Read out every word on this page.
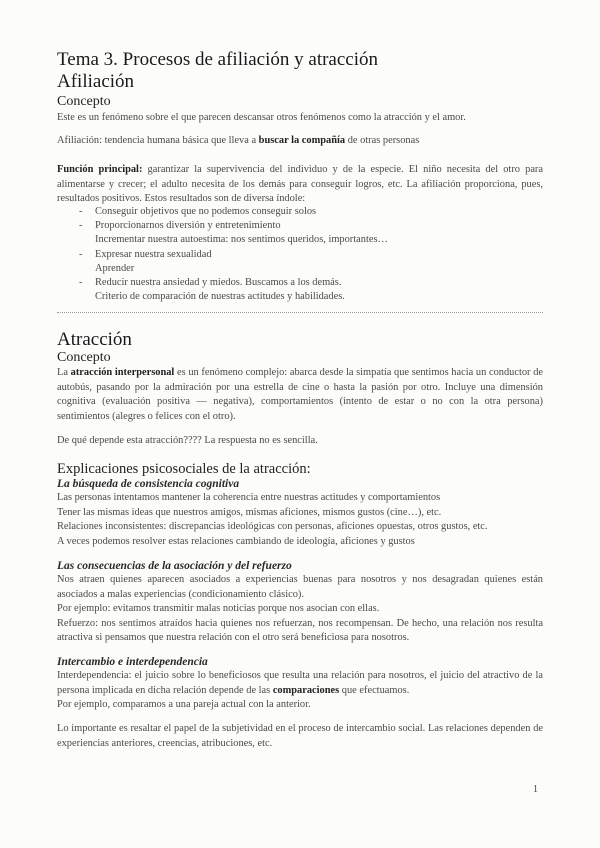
Tema 3. Procesos de afiliación y atracción
Afiliación
Concepto

Este es un fenómeno sobre el que parecen descansar otros fenómenos como la atracción y el amor.

Afiliación: tendencia humana básica que lleva a buscar la compañía de otras personas

Función principal: garantizar la supervivencia del individuo y de la especie. El niño necesita del otro para alimentarse y crecer; el adulto necesita de los demás para conseguir logros, etc. La afiliación proporciona, pues, resultados positivos. Estos resultados son de diversa índole:

- Conseguir objetivos que no podemos conseguir solos
- Proporcionarnos diversión y entretenimiento
Incrementar nuestra autoestima: nos sentimos queridos, importantes…
- Expresar nuestra sexualidad
Aprender
- Reducir nuestra ansiedad y miedos. Buscamos a los demás.
Criterio de comparación de nuestras actitudes y habilidades.
Atracción
Concepto

La atracción interpersonal es un fenómeno complejo: abarca desde la simpatía que sentimos hacia un conductor de autobús, pasando por la admiración por una estrella de cine o hasta la pasión por otro. Incluye una dimensión cognitiva (evaluación positiva — negativa), comportamientos (intento de estar o no con la otra persona) sentimientos (alegres o felices con el otro).

De qué depende esta atracción???? La respuesta no es sencilla.

Explicaciones psicosociales de la atracción:
La búsqueda de consistencia cognitiva

Las personas intentamos mantener la coherencia entre nuestras actitudes y comportamientos

Tener las mismas ideas que nuestros amigos, mismas aficiones, mismos gustos (cine…), etc.

Relaciones inconsistentes: discrepancias ideológicas con personas, aficiones opuestas, otros gustos, etc.

A veces podemos resolver estas relaciones cambiando de ideología, aficiones y gustos

Las consecuencias de la asociación y del refuerzo

Nos atraen quienes aparecen asociados a experiencias buenas para nosotros y nos desagradan quienes están asociados a malas experiencias (condicionamiento clásico).

Por ejemplo: evitamos transmitir malas noticias porque nos asocian con ellas.

Refuerzo: nos sentimos atraídos hacia quienes nos refuerzan, nos recompensan. De hecho, una relación nos resulta atractiva si pensamos que nuestra relación con el otro será beneficiosa para nosotros.

Intercambio e interdependencia

Interdependencia: el juicio sobre lo beneficiosos que resulta una relación para nosotros, el juicio del atractivo de la persona implicada en dicha relación depende de las comparaciones que efectuamos.

Por ejemplo, comparamos a una pareja actual con la anterior.

Lo importante es resaltar el papel de la subjetividad en el proceso de intercambio social. Las relaciones dependen de experiencias anteriores, creencias, atribuciones, etc.

1
